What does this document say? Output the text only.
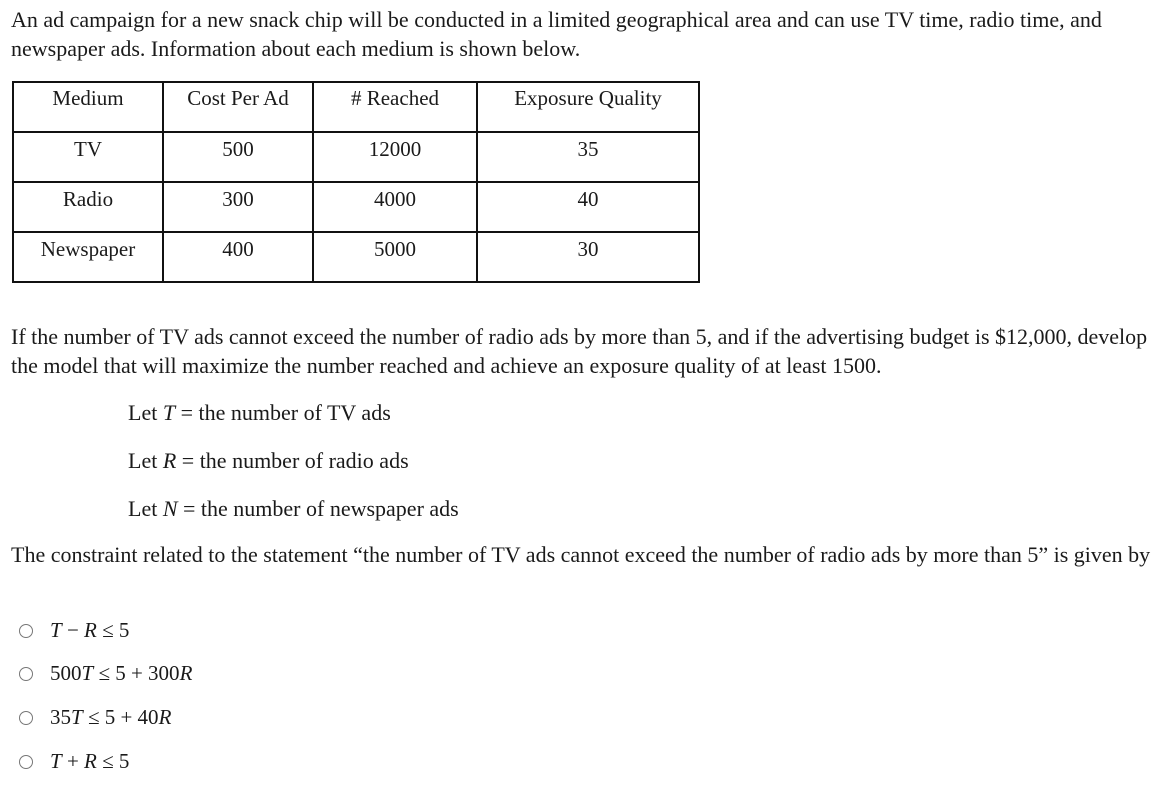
An ad campaign for a new snack chip will be conducted in a limited geographical area and can use TV time, radio time, and newspaper ads. Information about each medium is shown below.

Medium	Cost Per Ad	# Reached	Exposure Quality
TV	500	12000	35
Radio	300	4000	40
Newspaper	400	5000	30

If the number of TV ads cannot exceed the number of radio ads by more than 5, and if the advertising budget is $12,000, develop the model that will maximize the number reached and achieve an exposure quality of at least 1500.

Let T = the number of TV ads

Let R = the number of radio ads

Let N = the number of newspaper ads

The constraint related to the statement “the number of TV ads cannot exceed the number of radio ads by more than 5” is given by

T − R ≤ 5
500T ≤ 5 + 300R
35T ≤ 5 + 40R
T + R ≤ 5
